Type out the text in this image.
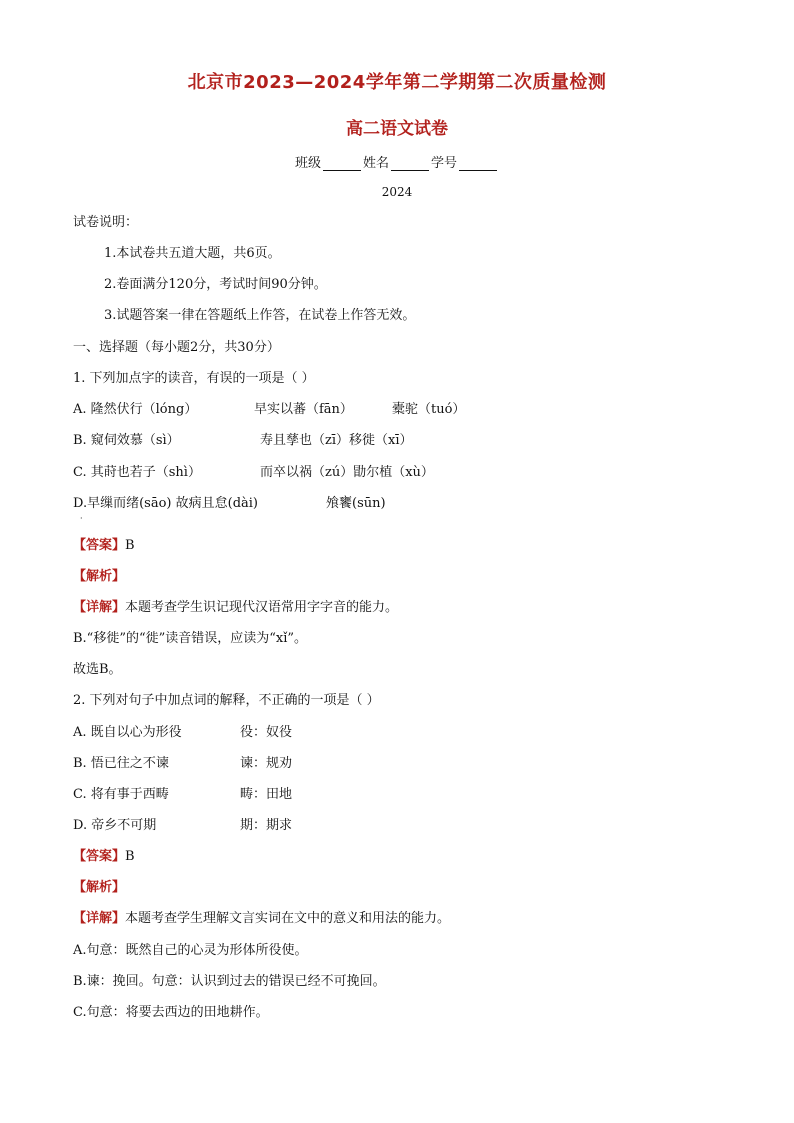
北京市2023—2024学年第二学期第二次质量检测
高二语文试卷
班级	姓名	学号
2024
试卷说明：
1.本试卷共五道大题，共6页。
2.卷面满分120分，考试时间90分钟。
3.试题答案一律在答题纸上作答，在试卷上作答无效。
一、选择题（每小题2分，共30分）
1. 下列加点字的读音，有误的一项是（ ）
A. 隆然伏行（lóng）	早实以蕃（fān）	橐驼（tuó）
B. 窥伺效慕（sì）	寿且孳也（zī）移徙（xī）
C. 其莳也若子（shì）	而卒以祸（zú）勖尔植（xù）
D.早缫而绪(sāo) 故病且怠(dài)	飧饔(sūn)
·
【答案】B
【解析】
【详解】本题考查学生识记现代汉语常用字字音的能力。
B.“移徙”的“徙”读音错误，应读为“xǐ”。
故选B。
2. 下列对句子中加点词的解释，不正确的一项是（ ）
A. 既自以心为形役	役：奴役
B. 悟已往之不谏	谏：规劝
C. 将有事于西畴	畴：田地
D. 帝乡不可期	期：期求
【答案】B
【解析】
【详解】本题考查学生理解文言实词在文中的意义和用法的能力。
A.句意：既然自己的心灵为形体所役使。
B.谏：挽回。句意：认识到过去的错误已经不可挽回。
C.句意：将要去西边的田地耕作。
